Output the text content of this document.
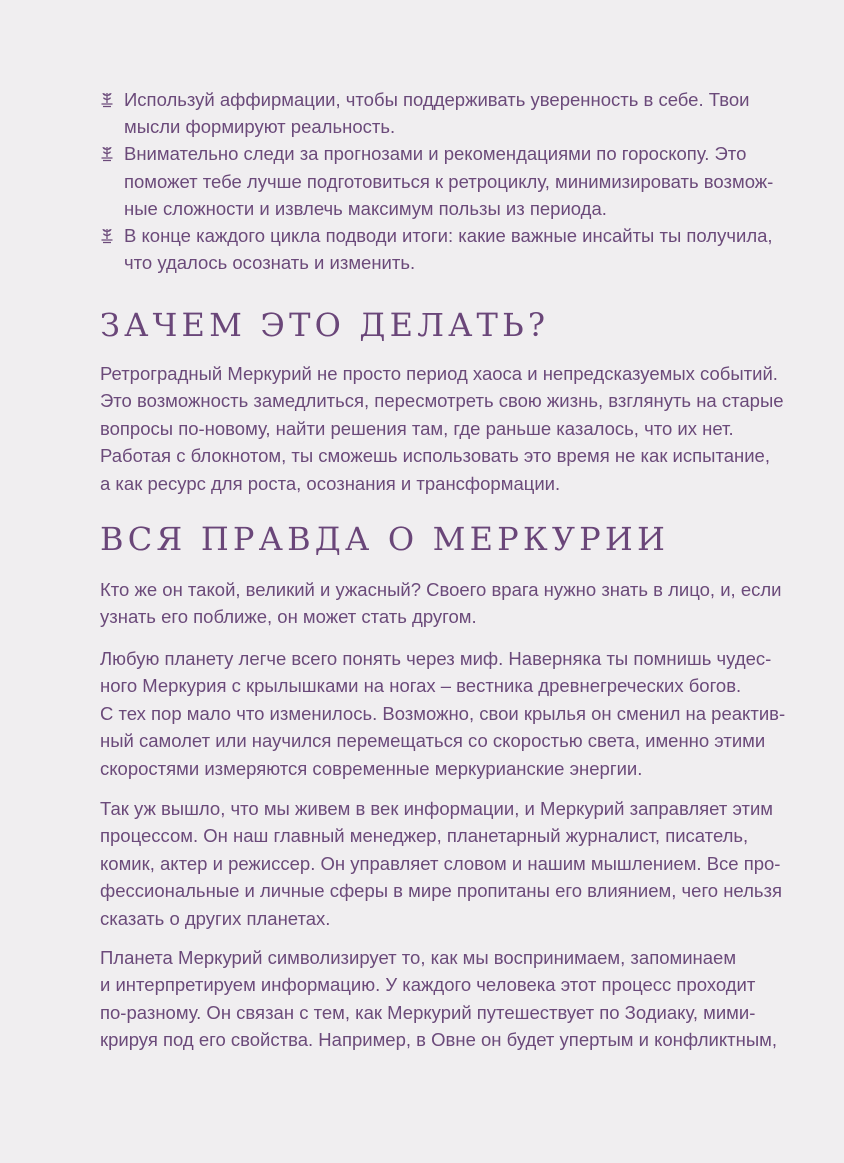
Используй аффирмации, чтобы поддерживать уверенность в себе. Твои
мысли формируют реальность.
Внимательно следи за прогнозами и рекомендациями по гороскопу. Это
поможет тебе лучше подготовиться к ретроциклу, минимизировать возмож-
ные сложности и извлечь максимум пользы из периода.
В конце каждого цикла подводи итоги: какие важные инсайты ты получила,
что удалось осознать и изменить.
ЗАЧЕМ ЭТО ДЕЛАТЬ?

Ретроградный Меркурий не просто период хаоса и непредсказуемых событий.
Это возможность замедлиться, пересмотреть свою жизнь, взглянуть на старые
вопросы по-новому, найти решения там, где раньше казалось, что их нет.
Работая с блокнотом, ты сможешь использовать это время не как испытание,
а как ресурс для роста, осознания и трансформации.

ВСЯ ПРАВДА О МЕРКУРИИ

Кто же он такой, великий и ужасный? Своего врага нужно знать в лицо, и, если
узнать его поближе, он может стать другом.

Любую планету легче всего понять через миф. Наверняка ты помнишь чудес-
ного Меркурия с крылышками на ногах – вестника древнегреческих богов.
С тех пор мало что изменилось. Возможно, свои крылья он сменил на реактив-
ный самолет или научился перемещаться со скоростью света, именно этими
скоростями измеряются современные меркурианские энергии.

Так уж вышло, что мы живем в век информации, и Меркурий заправляет этим
процессом. Он наш главный менеджер, планетарный журналист, писатель,
комик, актер и режиссер. Он управляет словом и нашим мышлением. Все про-
фессиональные и личные сферы в мире пропитаны его влиянием, чего нельзя
сказать о других планетах.

Планета Меркурий символизирует то, как мы воспринимаем, запоминаем
и интерпретируем информацию. У каждого человека этот процесс проходит
по-разному. Он связан с тем, как Меркурий путешествует по Зодиаку, мими-
крируя под его свойства. Например, в Овне он будет упертым и конфликтным,
